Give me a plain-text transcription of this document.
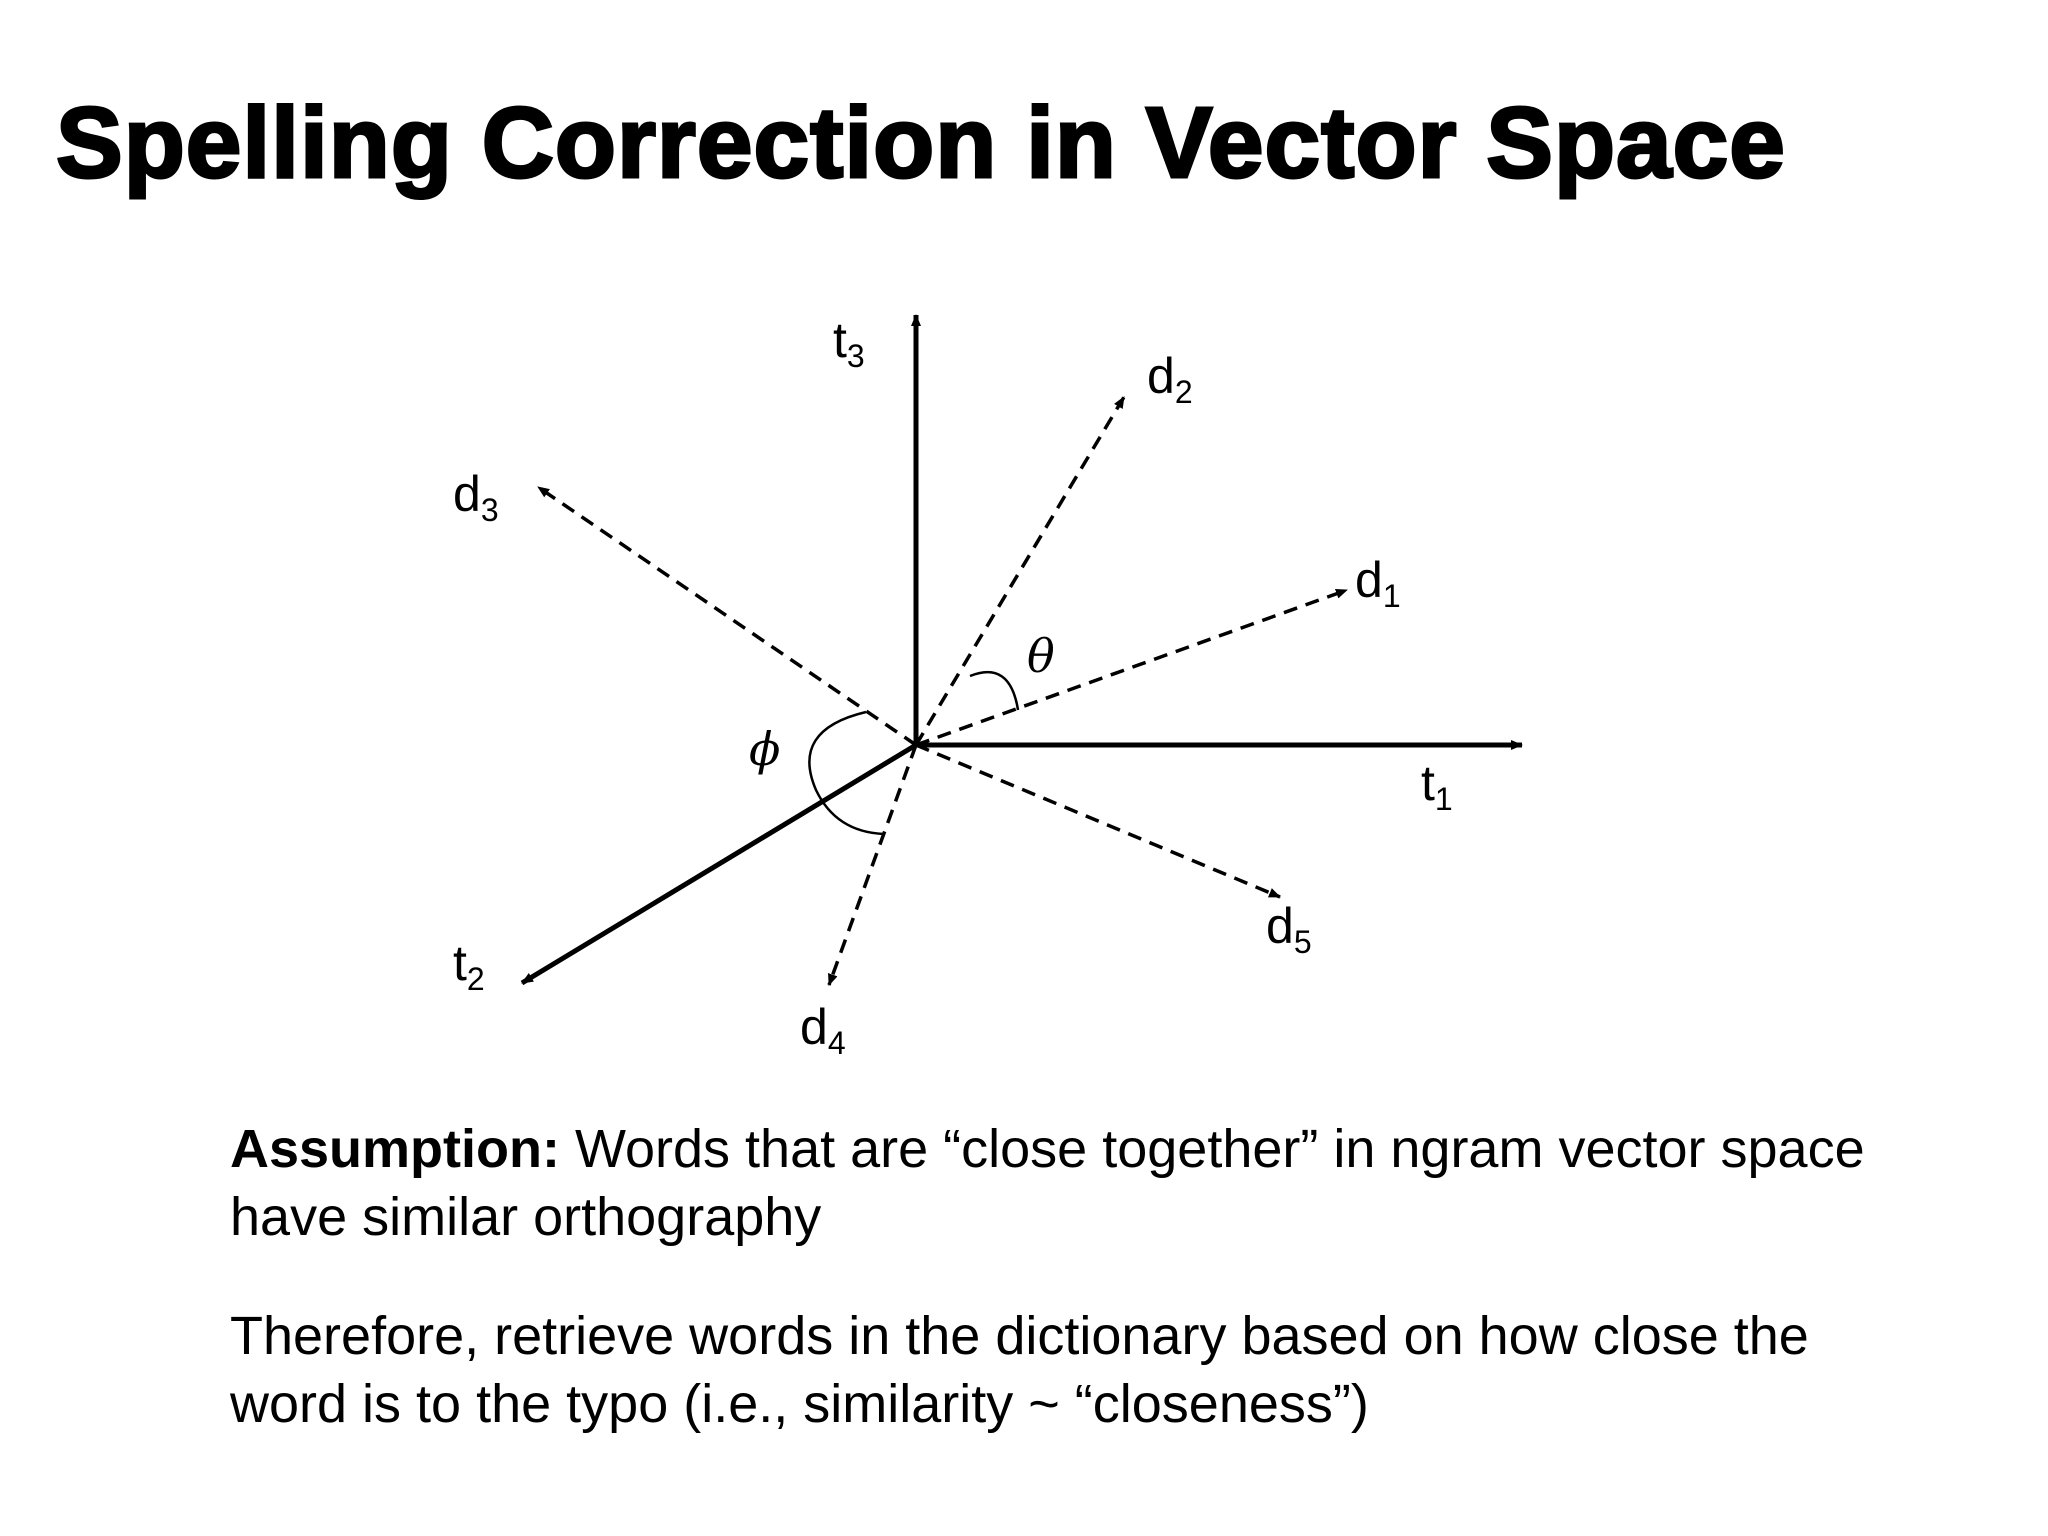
Spelling Correction in Vector Space
$t_3$
$t_1$
$t_2$
$d_1$
$d_2$
$d_3$
$d_4$
$d_5$
θ
ϕ

Assumption: Words that are “close together” in ngram vector space have similar orthography

Therefore, retrieve words in the dictionary based on how close the word is to the typo (i.e., similarity ~ “closeness”)
